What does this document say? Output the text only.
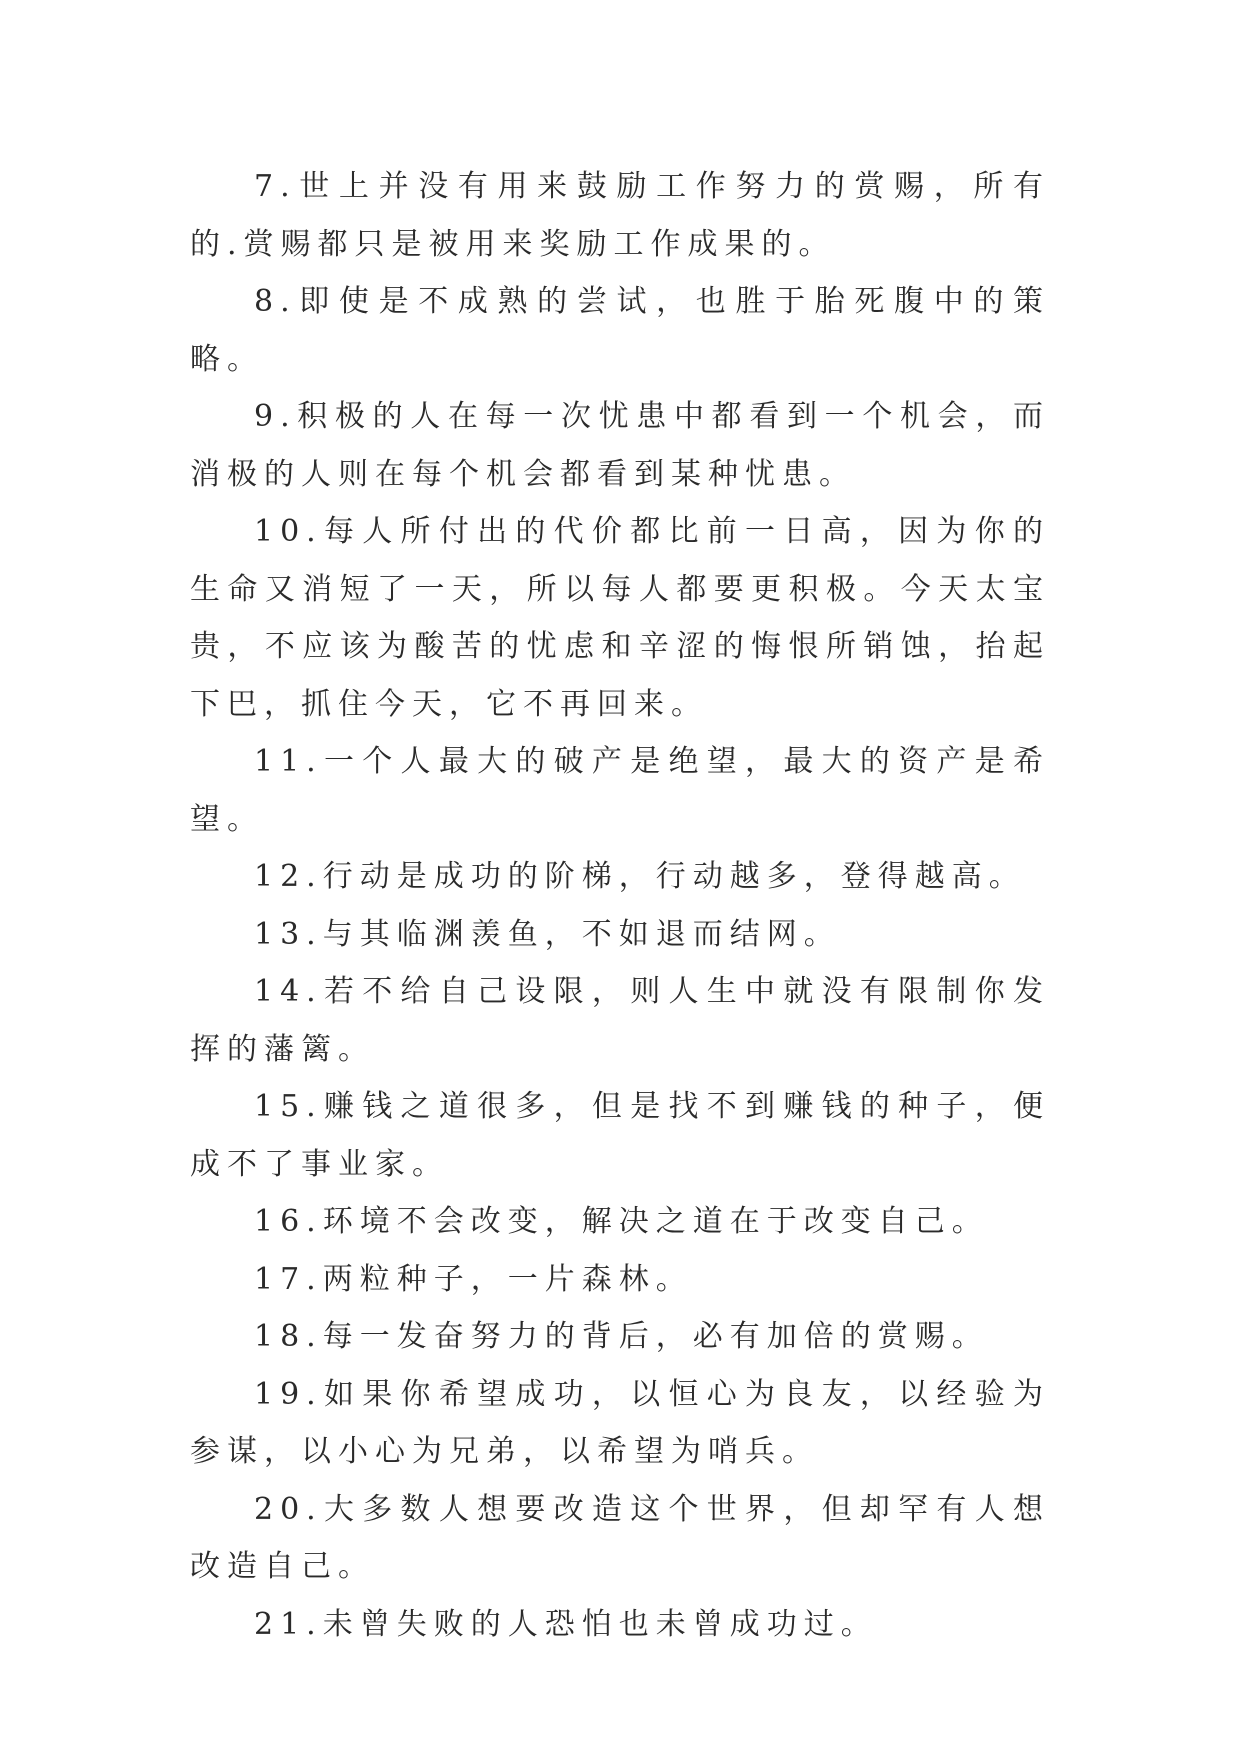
7.世上并没有用来鼓励工作努力的赏赐，所有的.赏赐都只是被用来奖励工作成果的。

8.即使是不成熟的尝试，也胜于胎死腹中的策略。

9.积极的人在每一次忧患中都看到一个机会，而消极的人则在每个机会都看到某种忧患。

10.每人所付出的代价都比前一日高，因为你的生命又消短了一天，所以每人都要更积极。今天太宝贵，不应该为酸苦的忧虑和辛涩的悔恨所销蚀，抬起下巴，抓住今天，它不再回来。

11.一个人最大的破产是绝望，最大的资产是希望。

12.行动是成功的阶梯，行动越多，登得越高。

13.与其临渊羡鱼，不如退而结网。

14.若不给自己设限，则人生中就没有限制你发挥的藩篱。

15.赚钱之道很多，但是找不到赚钱的种子，便成不了事业家。

16.环境不会改变，解决之道在于改变自己。

17.两粒种子，一片森林。

18.每一发奋努力的背后，必有加倍的赏赐。

19.如果你希望成功，以恒心为良友，以经验为参谋，以小心为兄弟，以希望为哨兵。

20.大多数人想要改造这个世界，但却罕有人想改造自己。

21.未曾失败的人恐怕也未曾成功过。
